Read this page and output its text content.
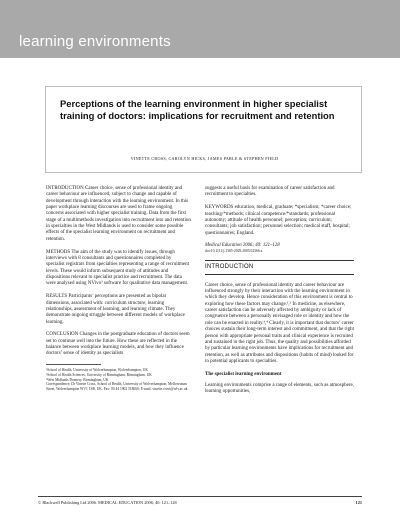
learning environments
Perceptions of the learning environment in higher specialist training of doctors: implications for recruitment and retention
VINETTE CROSS, CAROLYN HICKS, JAMES PARLE & STEPHEN FIELD

INTRODUCTION Career choice, sense of professional identity and career behaviour are influenced, subject to change and capable of development through interaction with the learning environment. In this paper workplace learning discourses are used to frame ongoing concerns associated with higher specialist training. Data from the first stage of a multimethods investigation into recruitment into and retention in specialties in the West Midlands is used to consider some possible effects of the specialist learning environment on recruitment and retention.

METHODS The aim of the study was to identify issues, through interviews with 8 consultants and questionnaires completed by specialist registrars from specialties representing a range of recruitment levels. These would inform subsequent study of attitudes and dispositions relevant to specialist practice and recruitment. The data were analysed using NVivo² software for qualitative data management.

RESULTS Participants’ perceptions are presented as bipolar dimensions, associated with: curriculum structure, learning relationships, assessment of learning, and learning climate. They demonstrate ongoing struggle between different models of workplace learning.

CONCLUSION Changes in the postgraduate education of doctors seem set to continue well into the future. How these are reflected in the balance between workplace learning models, and how they influence doctors’ sense of identity as specialists

¹School of Health, University of Wolverhampton, Wolverhampton, UK
²School of Health Sciences, University of Birmingham, Birmingham, UK
³West Midlands Deanery, Birmingham, UK
Correspondence: Dr Vinette Cross, School of Health, University of Wolverhampton, Mellowsman Street, Wolverhampton WV1 1SB, UK. Fax: 00 44 1902 518660; E-mail: vinette.cross@wlv.ac.uk

suggests a useful basis for examination of career satisfaction and recruitment to specialties.

KEYWORDS education, medical, graduate; *specialism; *career choice; teaching/*methods; clinical competence/*standards; professional autonomy; attitude of health personnel; perception; curriculum; consultants; job satisfaction; personnel selection; medical staff, hospital; questionnaires; England.

Medical Education 2006; 40: 121–128
doi:10.1111/j.1365-2929.2005.02366.x
INTRODUCTION

Career choice, sense of professional identity and career behaviour are influenced strongly by their interaction with the learning environment in which they develop. Hence consideration of this environment is central to exploring how these factors may change.¹,² In medicine, as elsewhere, career satisfaction can be adversely affected by ambiguity or lack of congruence between a personally envisaged role or identity and how the role can be enacted in reality.³,⁴ Clearly, it is important that doctors’ career choices sustain their long-term interest and commitment, and that the right person with appropriate personal traits and clinical experience is recruited and sustained in the right job. Thus, the quality and possibilities afforded by particular learning environments have implications for recruitment and retention, as well as attributes and dispositions (habits of mind) looked for in potential applicants to specialties.

The specialist learning environment

Learning environments comprise a range of elements, such as atmosphere, learning opportunities,

© Blackwell Publishing Ltd 2006. MEDICAL EDUCATION 2006; 40: 121–128	121
